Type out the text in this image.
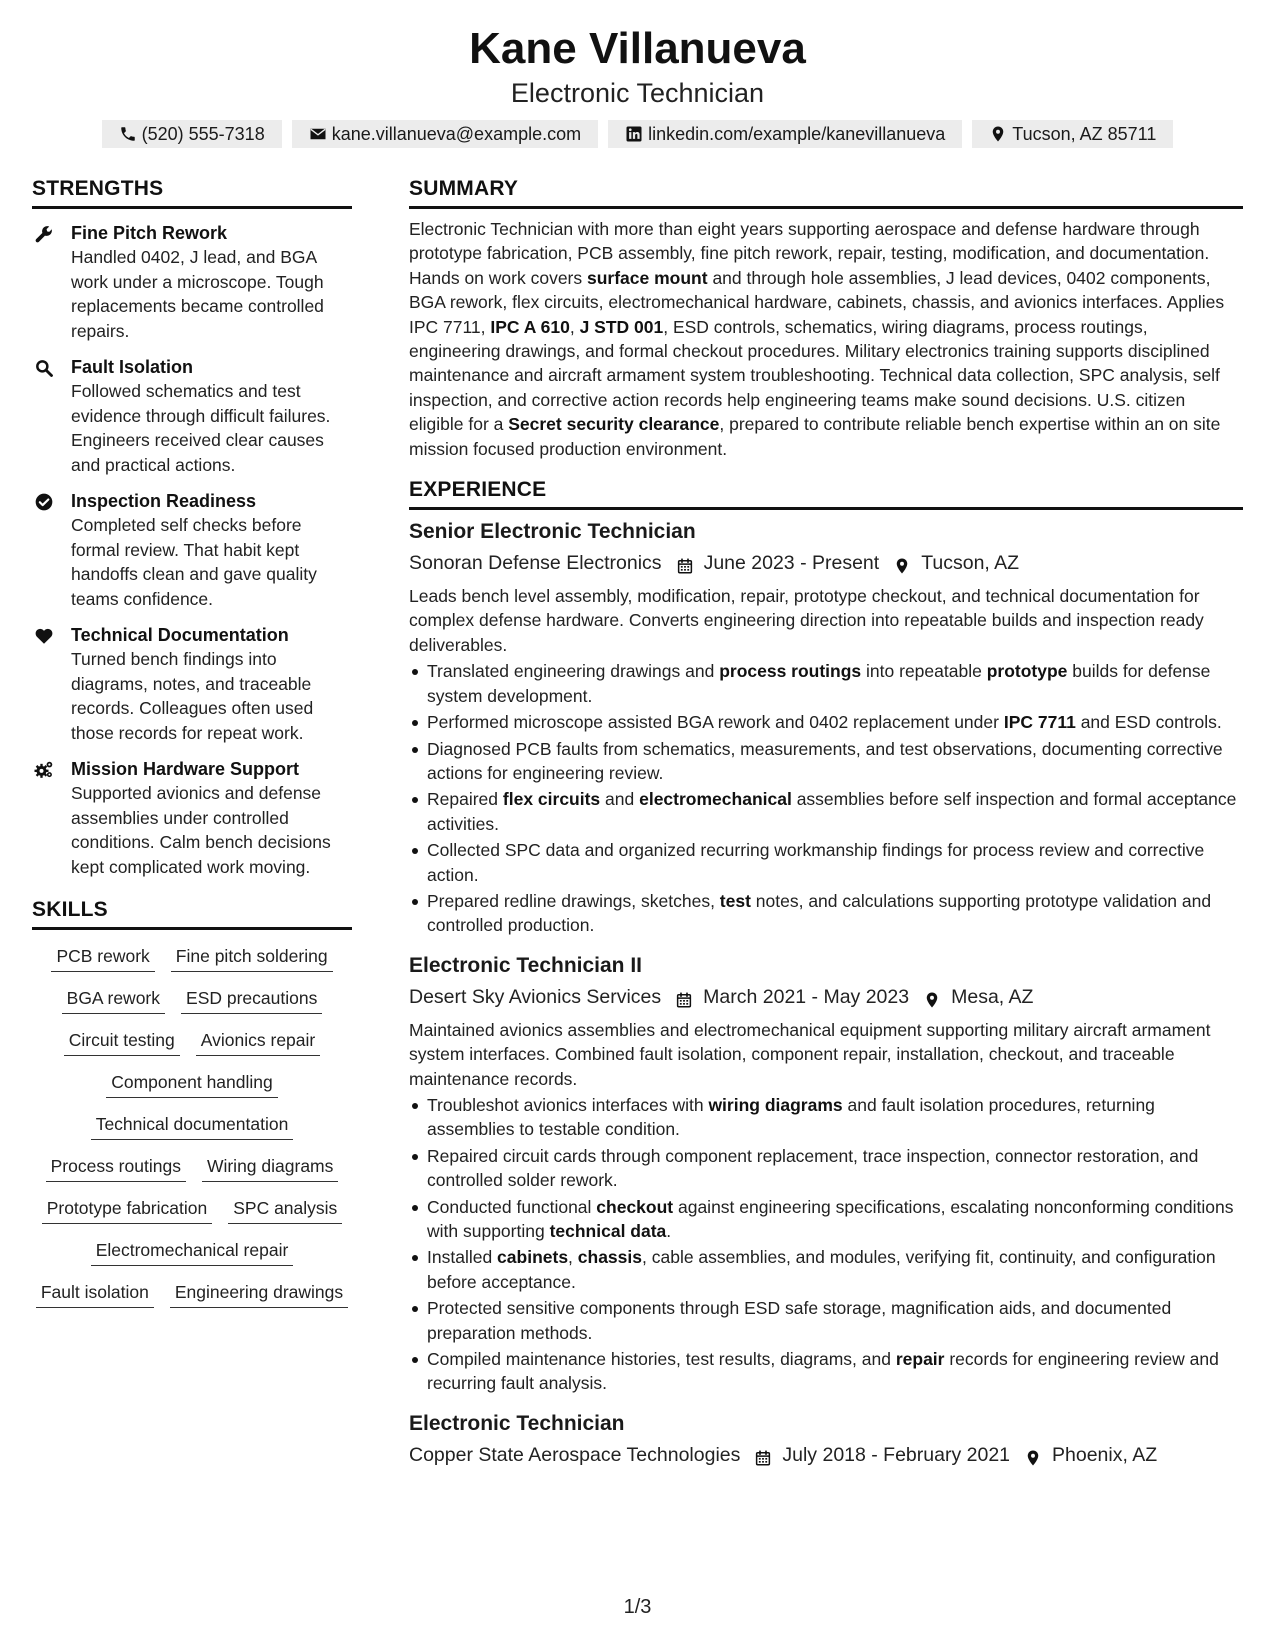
Kane Villanueva
Electronic Technician
(520) 555-7318	kane.villanueva@example.com	linkedin.com/example/kanevillanueva	Tucson, AZ 85711
STRENGTHS
Fine Pitch Rework
Handled 0402, J lead, and BGA work under a microscope. Tough replacements became controlled repairs.
Fault Isolation
Followed schematics and test evidence through difficult failures. Engineers received clear causes and practical actions.
Inspection Readiness
Completed self checks before formal review. That habit kept handoffs clean and gave quality teams confidence.
Technical Documentation
Turned bench findings into diagrams, notes, and traceable records. Colleagues often used those records for repeat work.
Mission Hardware Support
Supported avionics and defense assemblies under controlled conditions. Calm bench decisions kept complicated work moving.
SKILLS
PCB rework Fine pitch soldering
BGA rework ESD precautions
Circuit testing Avionics repair
Component handling
Technical documentation
Process routings Wiring diagrams
Prototype fabrication SPC analysis
Electromechanical repair
Fault isolation Engineering drawings
SUMMARY

Electronic Technician with more than eight years supporting aerospace and defense hardware through prototype fabrication, PCB assembly, fine pitch rework, repair, testing, modification, and documentation. Hands on work covers surface mount and through hole assemblies, J lead devices, 0402 components, BGA rework, flex circuits, electromechanical hardware, cabinets, chassis, and avionics interfaces. Applies IPC 7711, IPC A 610, J STD 001, ESD controls, schematics, wiring diagrams, process routings, engineering drawings, and formal checkout procedures. Military electronics training supports disciplined maintenance and aircraft armament system troubleshooting. Technical data collection, SPC analysis, self inspection, and corrective action records help engineering teams make sound decisions. U.S. citizen eligible for a Secret security clearance, prepared to contribute reliable bench expertise within an on site mission focused production environment.

EXPERIENCE
Senior Electronic Technician
Sonoran Defense Electronics June 2023 - Present Tucson, AZ
Leads bench level assembly, modification, repair, prototype checkout, and technical documentation for complex defense hardware. Converts engineering direction into repeatable builds and inspection ready deliverables.
Translated engineering drawings and process routings into repeatable prototype builds for defense system development.
Performed microscope assisted BGA rework and 0402 replacement under IPC 7711 and ESD controls.
Diagnosed PCB faults from schematics, measurements, and test observations, documenting corrective actions for engineering review.
Repaired flex circuits and electromechanical assemblies before self inspection and formal acceptance activities.
Collected SPC data and organized recurring workmanship findings for process review and corrective action.
Prepared redline drawings, sketches, test notes, and calculations supporting prototype validation and controlled production.
Electronic Technician II
Desert Sky Avionics Services March 2021 - May 2023 Mesa, AZ
Maintained avionics assemblies and electromechanical equipment supporting military aircraft armament system interfaces. Combined fault isolation, component repair, installation, checkout, and traceable maintenance records.
Troubleshot avionics interfaces with wiring diagrams and fault isolation procedures, returning assemblies to testable condition.
Repaired circuit cards through component replacement, trace inspection, connector restoration, and controlled solder rework.
Conducted functional checkout against engineering specifications, escalating nonconforming conditions with supporting technical data.
Installed cabinets, chassis, cable assemblies, and modules, verifying fit, continuity, and configuration before acceptance.
Protected sensitive components through ESD safe storage, magnification aids, and documented preparation methods.
Compiled maintenance histories, test results, diagrams, and repair records for engineering review and recurring fault analysis.
Electronic Technician
Copper State Aerospace Technologies July 2018 - February 2021 Phoenix, AZ
1/3
